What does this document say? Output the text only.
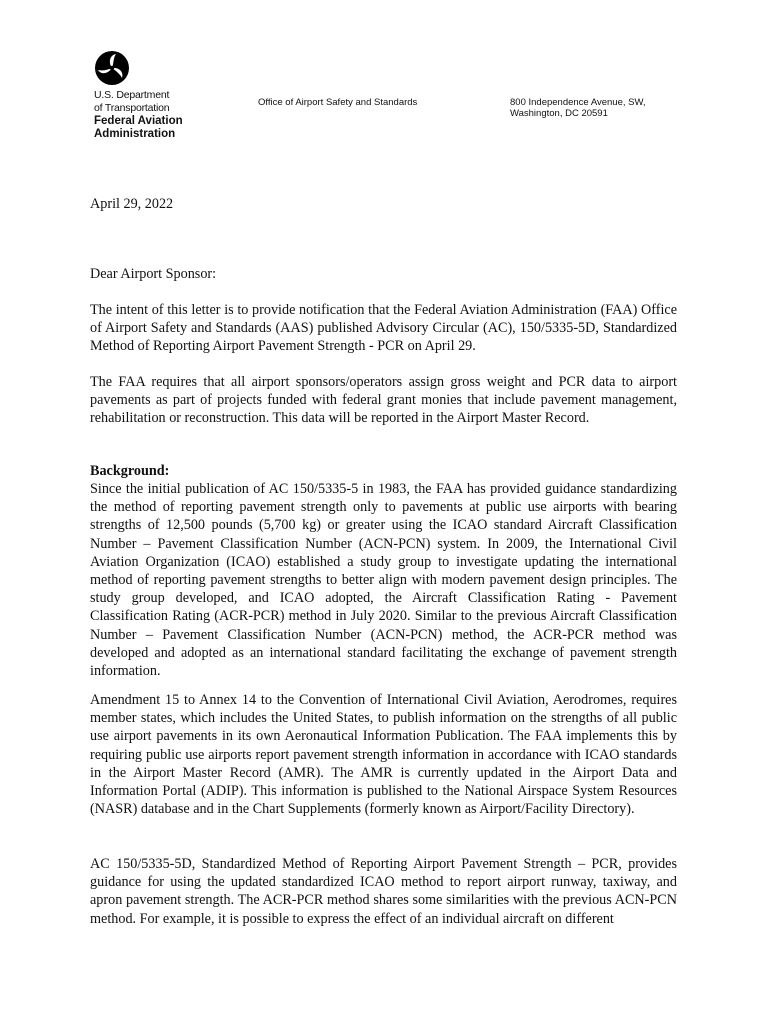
U.S. Department
of Transportation
Federal Aviation
Administration
Office of Airport Safety and Standards	800 Independence Avenue, SW,
Washington, DC 20591
April 29, 2022
Dear Airport Sponsor:

The intent of this letter is to provide notification that the Federal Aviation Administration (FAA) Office of Airport Safety and Standards (AAS) published Advisory Circular (AC), 150/5335-5D, Standardized Method of Reporting Airport Pavement Strength - PCR on April 29.

The FAA requires that all airport sponsors/operators assign gross weight and PCR data to airport pavements as part of projects funded with federal grant monies that include pavement management, rehabilitation or reconstruction. This data will be reported in the Airport Master Record.

Background:

Since the initial publication of AC 150/5335-5 in 1983, the FAA has provided guidance standardizing the method of reporting pavement strength only to pavements at public use airports with bearing strengths of 12,500 pounds (5,700 kg) or greater using the ICAO standard Aircraft Classification Number – Pavement Classification Number (ACN-PCN) system. In 2009, the International Civil Aviation Organization (ICAO) established a study group to investigate updating the international method of reporting pavement strengths to better align with modern pavement design principles. The study group developed, and ICAO adopted, the Aircraft Classification Rating - Pavement Classification Rating (ACR-PCR) method in July 2020. Similar to the previous Aircraft Classification Number – Pavement Classification Number (ACN-PCN) method, the ACR-PCR method was developed and adopted as an international standard facilitating the exchange of pavement strength information.

Amendment 15 to Annex 14 to the Convention of International Civil Aviation, Aerodromes, requires member states, which includes the United States, to publish information on the strengths of all public use airport pavements in its own Aeronautical Information Publication. The FAA implements this by requiring public use airports report pavement strength information in accordance with ICAO standards in the Airport Master Record (AMR). The AMR is currently updated in the Airport Data and Information Portal (ADIP). This information is published to the National Airspace System Resources (NASR) database and in the Chart Supplements (formerly known as Airport/Facility Directory).

AC 150/5335-5D, Standardized Method of Reporting Airport Pavement Strength – PCR, provides guidance for using the updated standardized ICAO method to report airport runway, taxiway, and apron pavement strength. The ACR-PCR method shares some similarities with the previous ACN-PCN method. For example, it is possible to express the effect of an individual aircraft on different
